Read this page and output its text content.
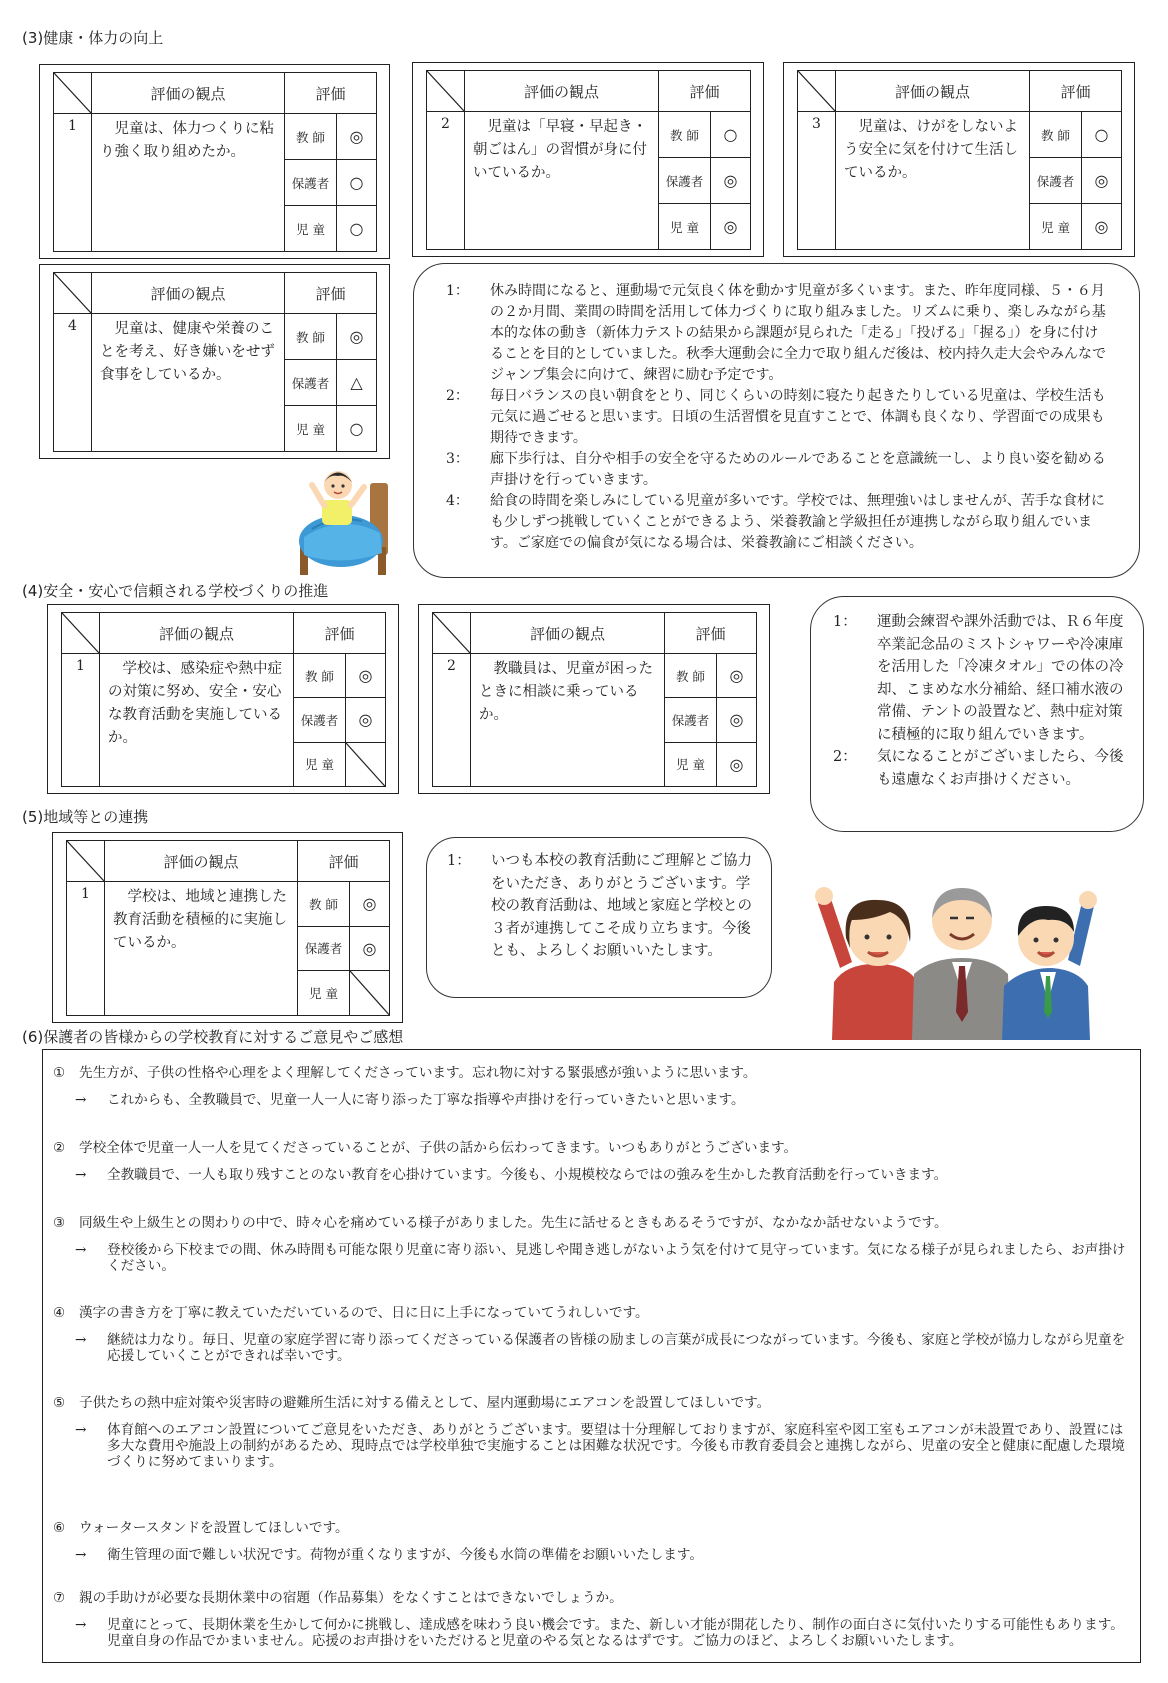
(3)健康・体力の向上
	評価の観点	評価	
1	児童は、体力つくりに粘り強く取り組めたか。	教 師	◎
		保護者	○
		児 童	○
	評価の観点	評価	
2	児童は「早寝・早起き・朝ごはん」の習慣が身に付いているか。	教 師	○
		保護者	◎
		児 童	◎
	評価の観点	評価	
3	児童は、けがをしないよう安全に気を付けて生活しているか。	教 師	○
		保護者	◎
		児 童	◎
	評価の観点	評価	
4	児童は、健康や栄養のことを考え、好き嫌いをせず食事をしているか。	教 師	◎
		保護者	△
		児 童	○
1： 休み時間になると、運動場で元気良く体を動かす児童が多くいます。また、昨年度同様、５・６月の２か月間、業間の時間を活用して体力づくりに取り組みました。リズムに乗り、楽しみながら基本的な体の動き（新体力テストの結果から課題が見られた「走る」「投げる」「握る」）を身に付けることを目的としていました。秋季大運動会に全力で取り組んだ後は、校内持久走大会やみんなでジャンプ集会に向けて、練習に励む予定です。
2： 毎日バランスの良い朝食をとり、同じくらいの時刻に寝たり起きたりしている児童は、学校生活も元気に過ごせると思います。日頃の生活習慣を見直すことで、体調も良くなり、学習面での成果も期待できます。
3： 廊下歩行は、自分や相手の安全を守るためのルールであることを意識統一し、より良い姿を勧める声掛けを行っていきます。
4： 給食の時間を楽しみにしている児童が多いです。学校では、無理強いはしませんが、苦手な食材にも少しずつ挑戦していくことができるよう、栄養教諭と学級担任が連携しながら取り組んでいます。ご家庭での偏食が気になる場合は、栄養教諭にご相談ください。
(4)安全・安心で信頼される学校づくりの推進
	評価の観点	評価	
1	学校は、感染症や熱中症の対策に努め、安全・安心な教育活動を実施しているか。	教 師	◎
		保護者	◎
		児 童	
	評価の観点	評価	
2	教職員は、児童が困ったときに相談に乗っているか。	教 師	◎
		保護者	◎
		児 童	◎
1： 運動会練習や課外活動では、Ｒ６年度卒業記念品のミストシャワーや冷凍庫を活用した「冷凍タオル」での体の冷却、こまめな水分補給、経口補水液の常備、テントの設置など、熱中症対策に積極的に取り組んでいきます。
2： 気になることがございましたら、今後も遠慮なくお声掛けください。
(5)地域等との連携
	評価の観点	評価	
1	学校は、地域と連携した教育活動を積極的に実施しているか。	教 師	◎
		保護者	◎
		児 童	
1： いつも本校の教育活動にご理解とご協力をいただき、ありがとうございます。学校の教育活動は、地域と家庭と学校との３者が連携してこそ成り立ちます。今後とも、よろしくお願いいたします。
(6)保護者の皆様からの学校教育に対するご意見やご感想
① 先生方が、子供の性格や心理をよく理解してくださっています。忘れ物に対する緊張感が強いように思います。
→ これからも、全教職員で、児童一人一人に寄り添った丁寧な指導や声掛けを行っていきたいと思います。
② 学校全体で児童一人一人を見てくださっていることが、子供の話から伝わってきます。いつもありがとうございます。
→ 全教職員で、一人も取り残すことのない教育を心掛けています。今後も、小規模校ならではの強みを生かした教育活動を行っていきます。
③ 同級生や上級生との関わりの中で、時々心を痛めている様子がありました。先生に話せるときもあるそうですが、なかなか話せないようです。
→ 登校後から下校までの間、休み時間も可能な限り児童に寄り添い、見逃しや聞き逃しがないよう気を付けて見守っています。気になる様子が見られましたら、お声掛けください。
④ 漢字の書き方を丁寧に教えていただいているので、日に日に上手になっていてうれしいです。
→ 継続は力なり。毎日、児童の家庭学習に寄り添ってくださっている保護者の皆様の励ましの言葉が成長につながっています。今後も、家庭と学校が協力しながら児童を応援していくことができれば幸いです。
⑤ 子供たちの熱中症対策や災害時の避難所生活に対する備えとして、屋内運動場にエアコンを設置してほしいです。
→ 体育館へのエアコン設置についてご意見をいただき、ありがとうございます。要望は十分理解しておりますが、家庭科室や図工室もエアコンが未設置であり、設置には多大な費用や施設上の制約があるため、現時点では学校単独で実施することは困難な状況です。今後も市教育委員会と連携しながら、児童の安全と健康に配慮した環境づくりに努めてまいります。
⑥ ウォータースタンドを設置してほしいです。
→ 衛生管理の面で難しい状況です。荷物が重くなりますが、今後も水筒の準備をお願いいたします。
⑦ 親の手助けが必要な長期休業中の宿題（作品募集）をなくすことはできないでしょうか。
→ 児童にとって、長期休業を生かして何かに挑戦し、達成感を味わう良い機会です。また、新しい才能が開花したり、制作の面白さに気付いたりする可能性もあります。児童自身の作品でかまいません。応援のお声掛けをいただけると児童のやる気となるはずです。ご協力のほど、よろしくお願いいたします。
